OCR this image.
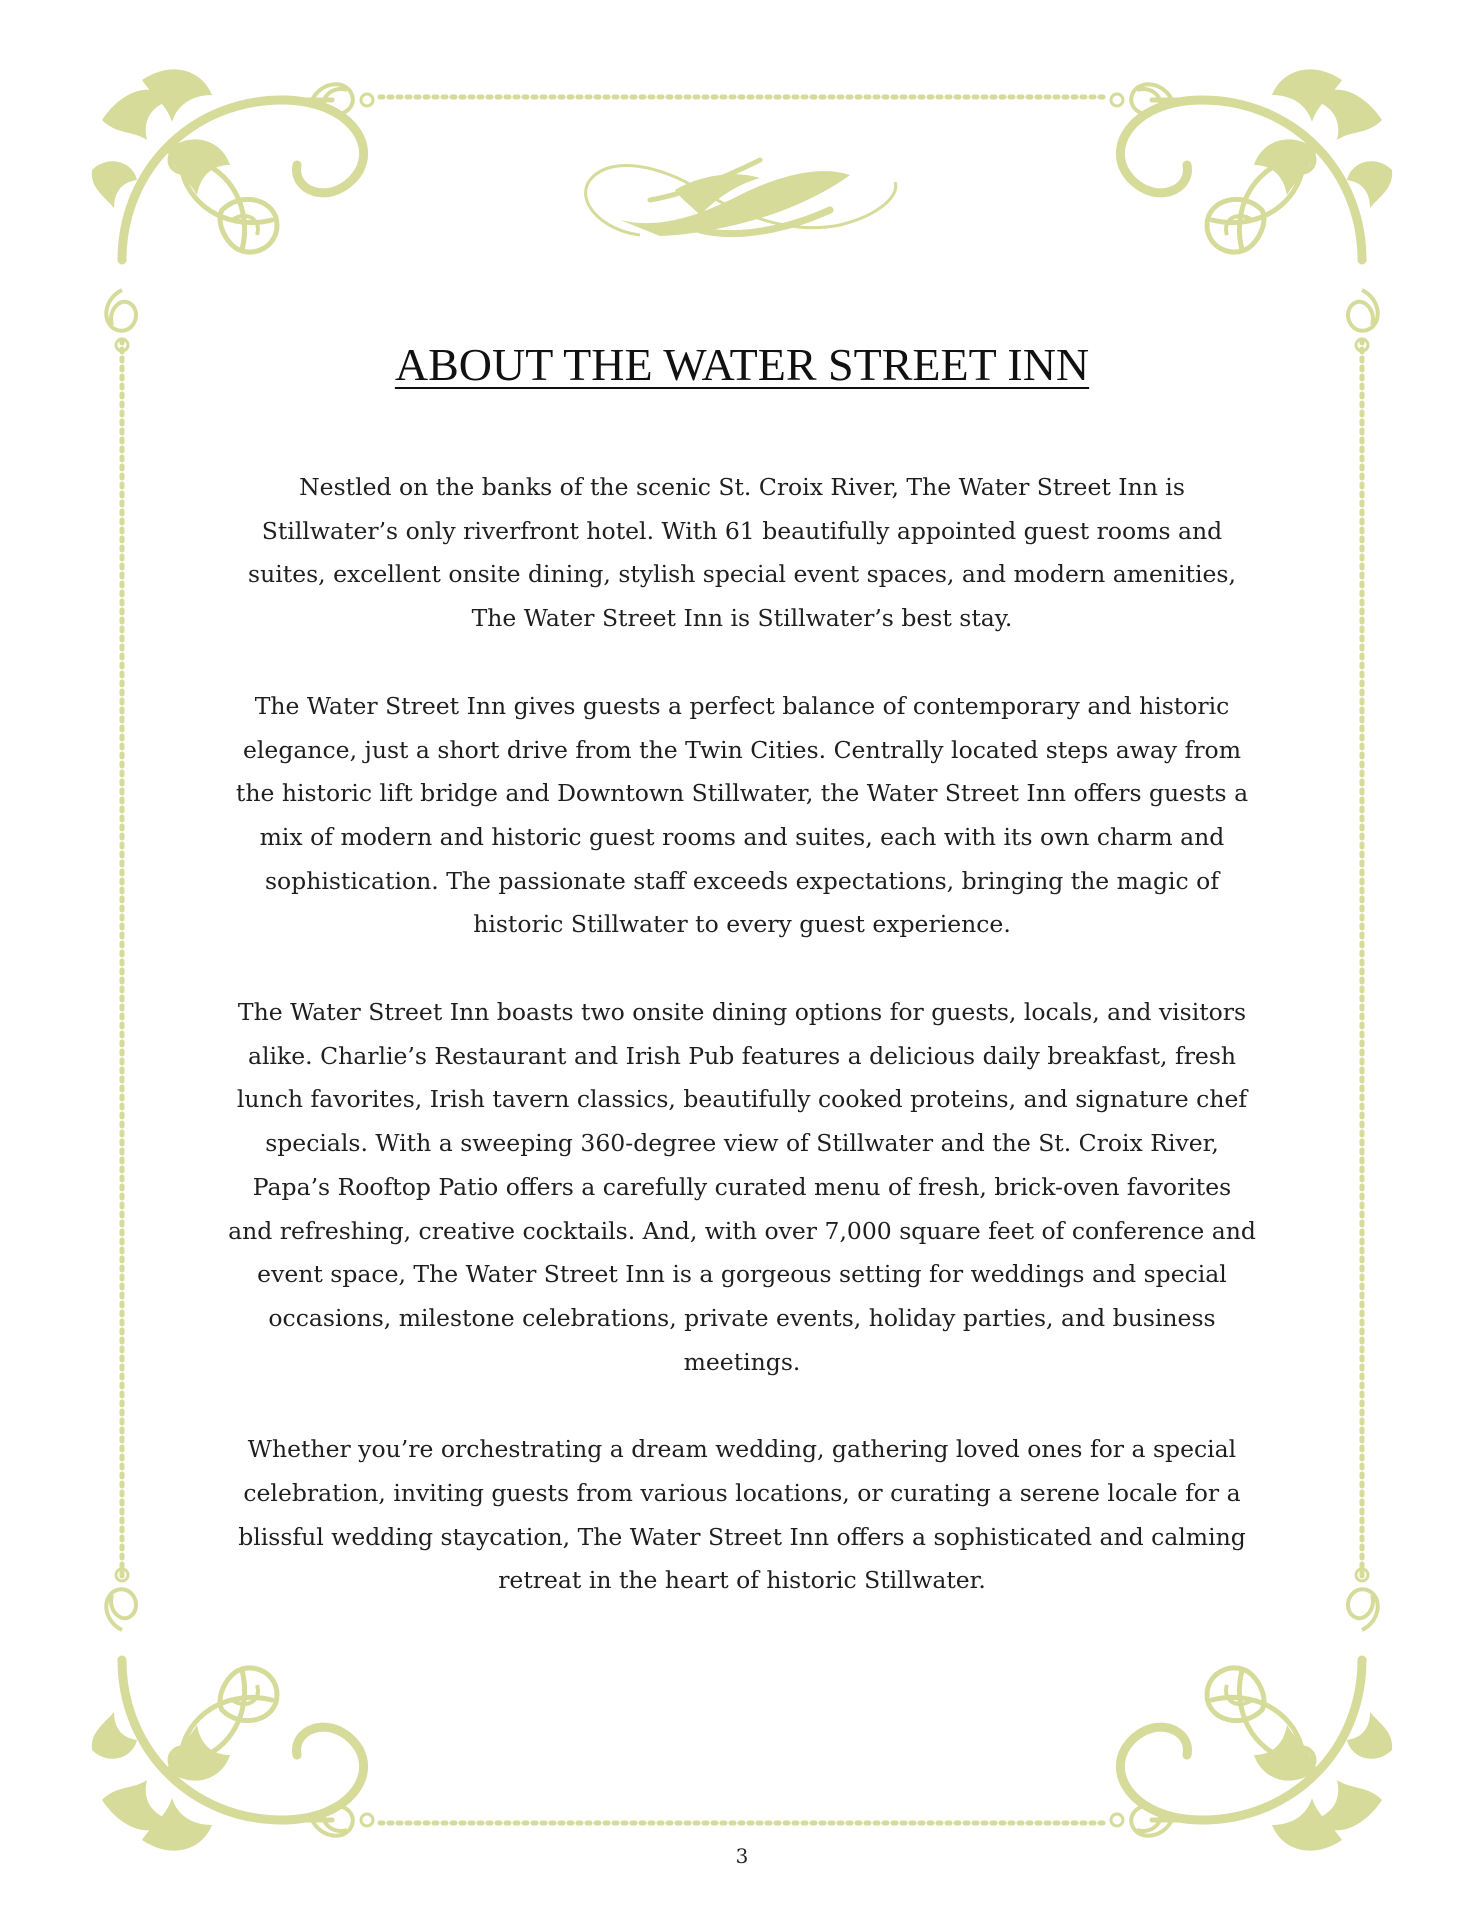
ABOUT THE WATER STREET INN

Nestled on the banks of the scenic St. Croix River, The Water Street Inn is Stillwater’s only riverfront hotel. With 61 beautifully appointed guest rooms and suites, excellent onsite dining, stylish special event spaces, and modern amenities, The Water Street Inn is Stillwater’s best stay.

The Water Street Inn gives guests a perfect balance of contemporary and historic elegance, just a short drive from the Twin Cities. Centrally located steps away from the historic lift bridge and Downtown Stillwater, the Water Street Inn offers guests a mix of modern and historic guest rooms and suites, each with its own charm and sophistication. The passionate staff exceeds expectations, bringing the magic of historic Stillwater to every guest experience.

The Water Street Inn boasts two onsite dining options for guests, locals, and visitors alike. Charlie’s Restaurant and Irish Pub features a delicious daily breakfast, fresh lunch favorites, Irish tavern classics, beautifully cooked proteins, and signature chef specials. With a sweeping 360-degree view of Stillwater and the St. Croix River, Papa’s Rooftop Patio offers a carefully curated menu of fresh, brick-oven favorites and refreshing, creative cocktails. And, with over 7,000 square feet of conference and event space, The Water Street Inn is a gorgeous setting for weddings and special occasions, milestone celebrations, private events, holiday parties, and business meetings.

Whether you’re orchestrating a dream wedding, gathering loved ones for a special celebration, inviting guests from various locations, or curating a serene locale for a blissful wedding staycation, The Water Street Inn offers a sophisticated and calming retreat in the heart of historic Stillwater.

3
